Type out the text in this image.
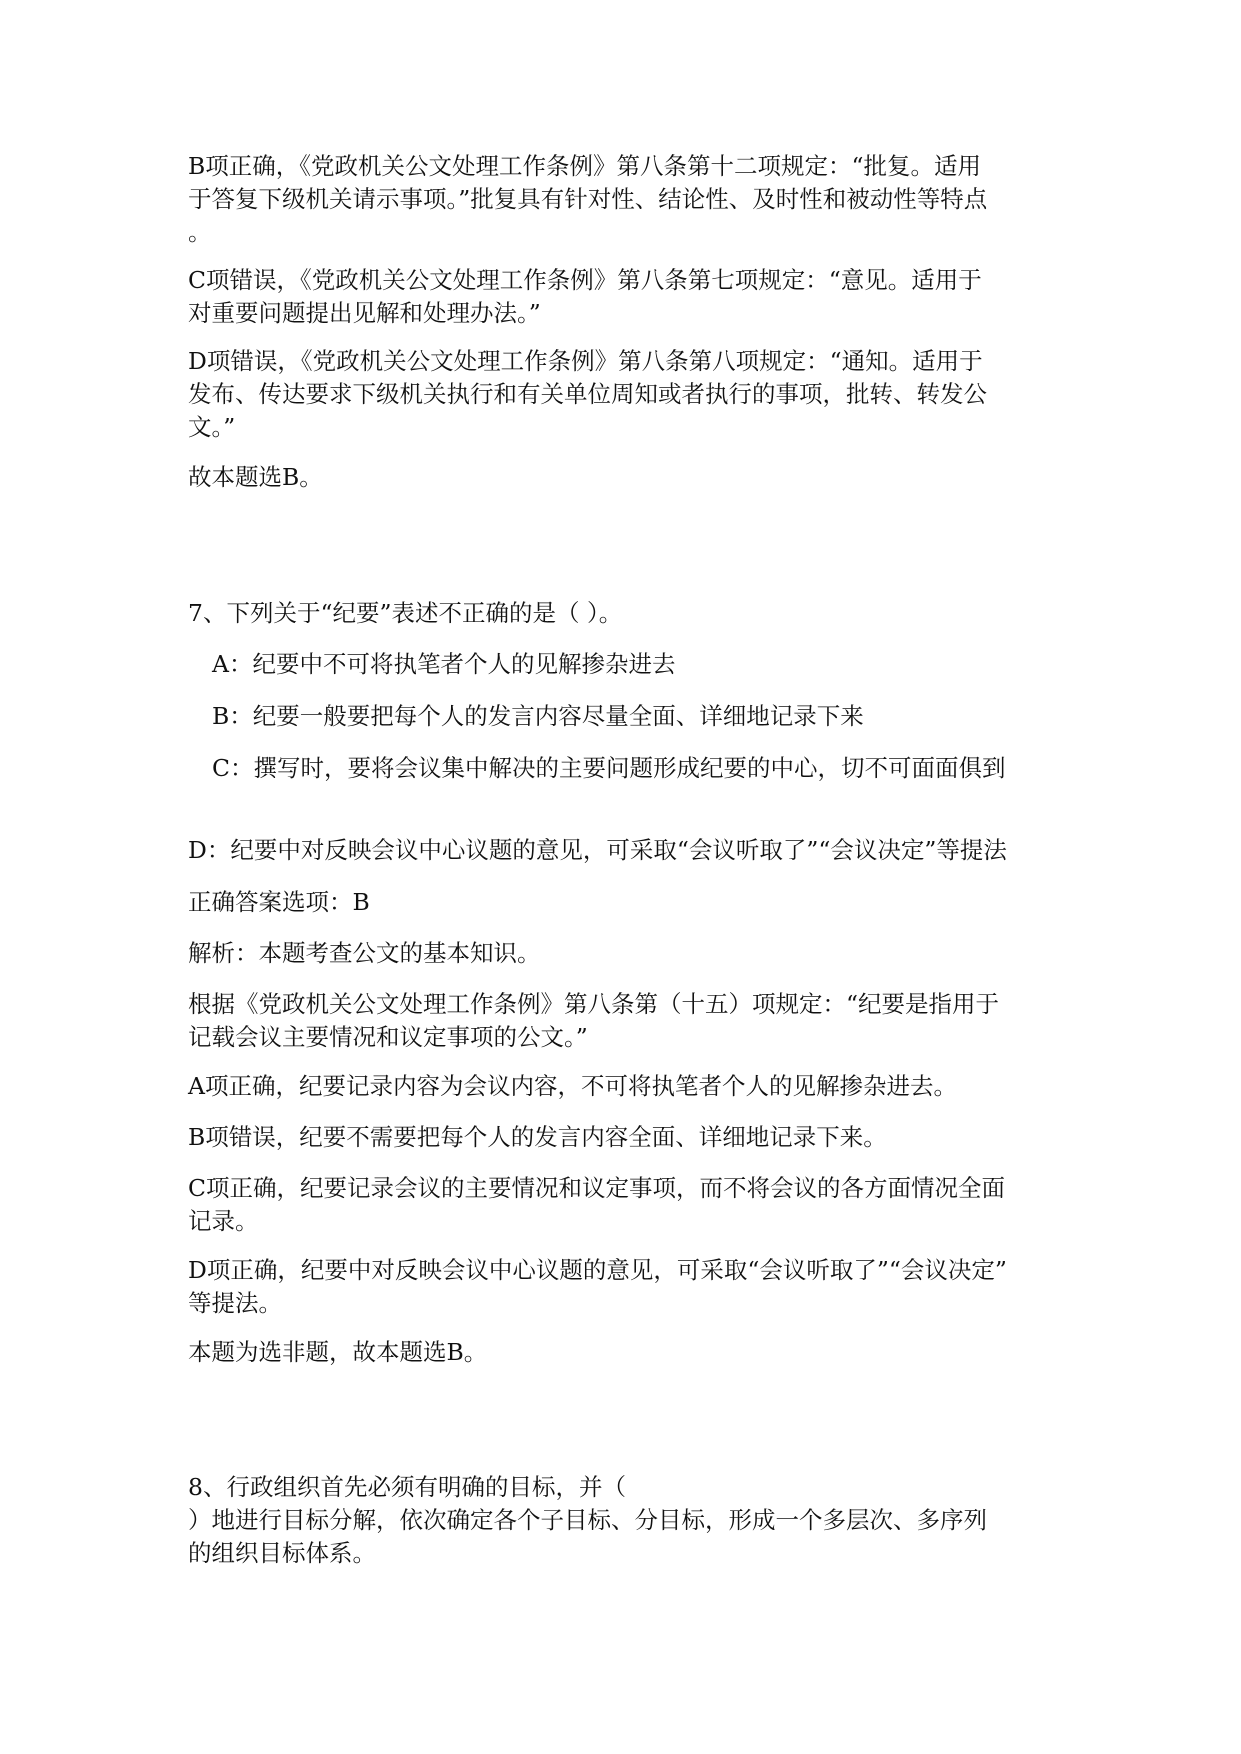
B项正确，《党政机关公文处理工作条例》第八条第十二项规定：“批复。适用
于答复下级机关请示事项。”批复具有针对性、结论性、及时性和被动性等特点
。

C项错误，《党政机关公文处理工作条例》第八条第七项规定：“意见。适用于
对重要问题提出见解和处理办法。”

D项错误，《党政机关公文处理工作条例》第八条第八项规定：“通知。适用于
发布、传达要求下级机关执行和有关单位周知或者执行的事项，批转、转发公
文。”

故本题选B。

7、下列关于“纪要”表述不正确的是（ ）。

A：纪要中不可将执笔者个人的见解掺杂进去

B：纪要一般要把每个人的发言内容尽量全面、详细地记录下来

C：撰写时，要将会议集中解决的主要问题形成纪要的中心，切不可面面俱到

D：纪要中对反映会议中心议题的意见，可采取“会议听取了”“会议决定”等提法

正确答案选项：B

解析：本题考查公文的基本知识。

根据《党政机关公文处理工作条例》第八条第（十五）项规定：“纪要是指用于
记载会议主要情况和议定事项的公文。”

A项正确，纪要记录内容为会议内容，不可将执笔者个人的见解掺杂进去。

B项错误，纪要不需要把每个人的发言内容全面、详细地记录下来。

C项正确，纪要记录会议的主要情况和议定事项，而不将会议的各方面情况全面
记录。

D项正确，纪要中对反映会议中心议题的意见，可采取“会议听取了”“会议决定”
等提法。

本题为选非题，故本题选B。

8、行政组织首先必须有明确的目标，并（
）地进行目标分解，依次确定各个子目标、分目标，形成一个多层次、多序列
的组织目标体系。
